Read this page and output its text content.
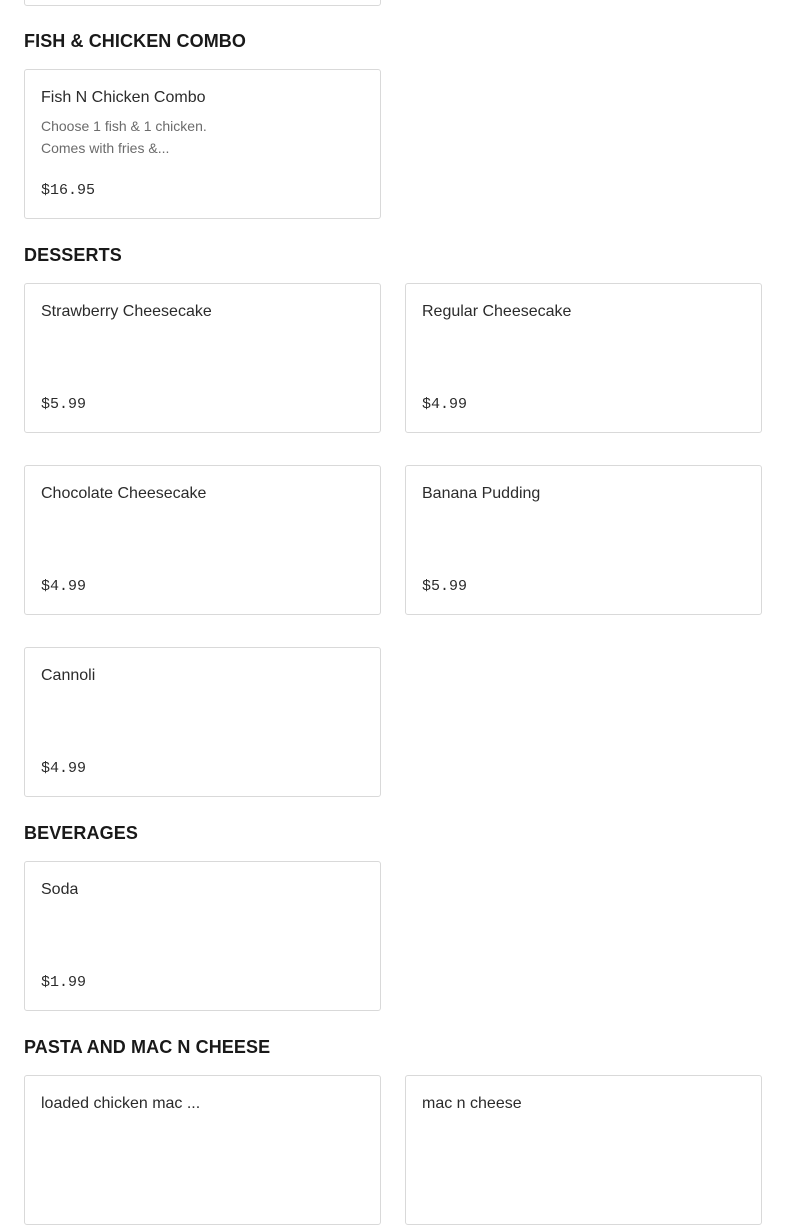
FISH & CHICKEN COMBO
Fish N Chicken Combo
Choose 1 fish & 1 chicken.
Comes with fries &...
$16.95
DESSERTS
Strawberry Cheesecake
$5.99
Regular Cheesecake
$4.99
Chocolate Cheesecake
$4.99
Banana Pudding
$5.99
Cannoli
$4.99
BEVERAGES
Soda
$1.99
PASTA AND MAC N CHEESE
loaded chicken mac ...	mac n cheese
